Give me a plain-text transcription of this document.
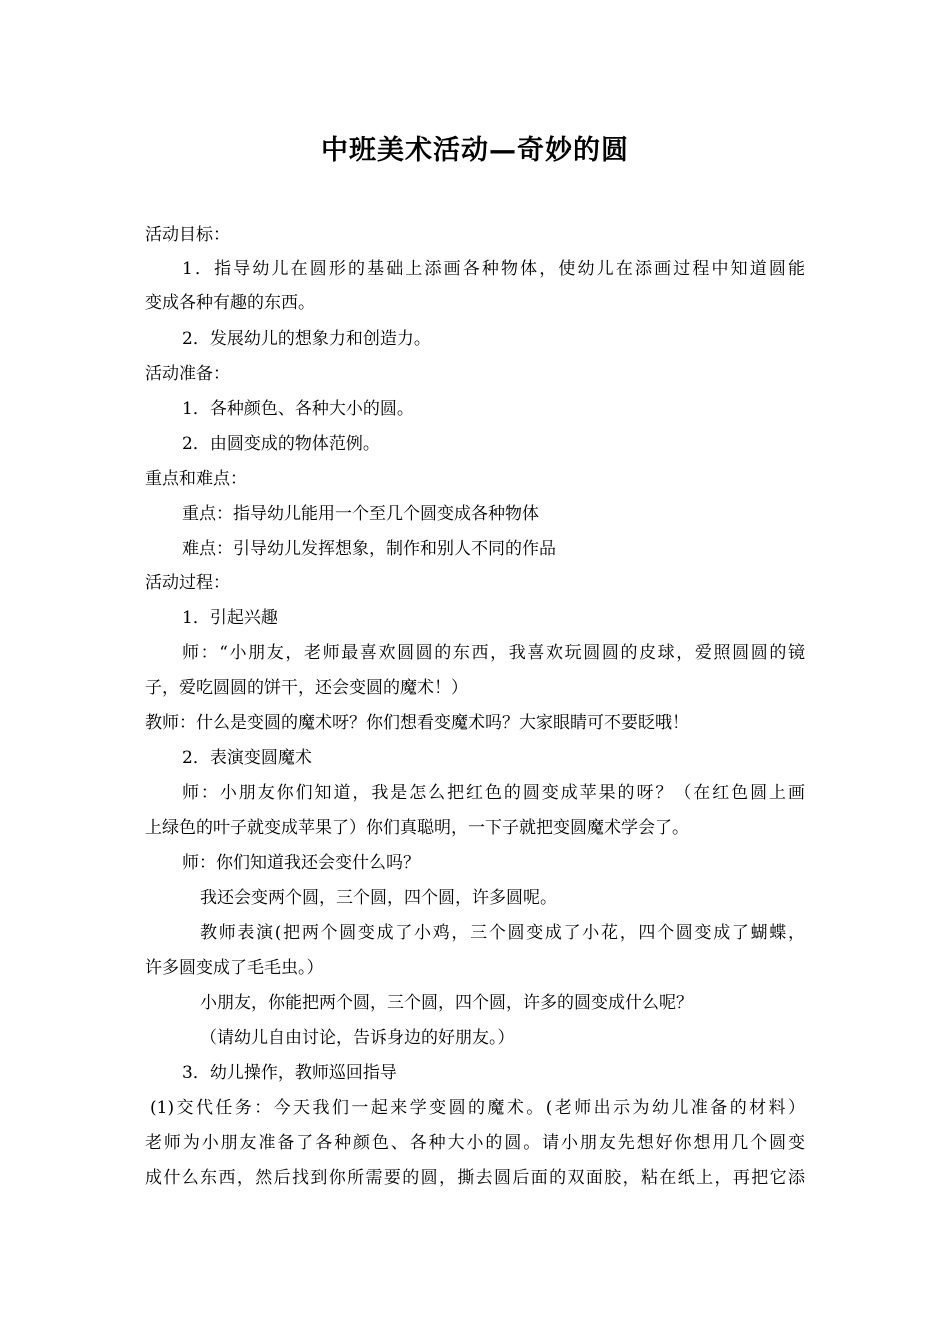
中班美术活动—奇妙的圆
活动目标：
1．指导幼儿在圆形的基础上添画各种物体，使幼儿在添画过程中知道圆能
变成各种有趣的东西。
2．发展幼儿的想象力和创造力。
活动准备：
1．各种颜色、各种大小的圆。
2．由圆变成的物体范例。
重点和难点：
重点：指导幼儿能用一个至几个圆变成各种物体
难点：引导幼儿发挥想象，制作和别人不同的作品
活动过程：
1．引起兴趣
师：“小朋友，老师最喜欢圆圆的东西，我喜欢玩圆圆的皮球，爱照圆圆的镜
子，爱吃圆圆的饼干，还会变圆的魔术！）
教师：什么是变圆的魔术呀？你们想看变魔术吗？大家眼睛可不要眨哦！
2．表演变圆魔术
师：小朋友你们知道，我是怎么把红色的圆变成苹果的呀？（在红色圆上画
上绿色的叶子就变成苹果了）你们真聪明，一下子就把变圆魔术学会了。
师：你们知道我还会变什么吗？
我还会变两个圆，三个圆，四个圆，许多圆呢。
教师表演(把两个圆变成了小鸡，三个圆变成了小花，四个圆变成了蝴蝶，
许多圆变成了毛毛虫。）
小朋友，你能把两个圆，三个圆，四个圆，许多的圆变成什么呢？
（请幼儿自由讨论，告诉身边的好朋友。）
3．幼儿操作，教师巡回指导
(1)交代任务：今天我们一起来学变圆的魔术。(老师出示为幼儿准备的材料）
老师为小朋友准备了各种颜色、各种大小的圆。请小朋友先想好你想用几个圆变
成什么东西，然后找到你所需要的圆，撕去圆后面的双面胶，粘在纸上，再把它添
